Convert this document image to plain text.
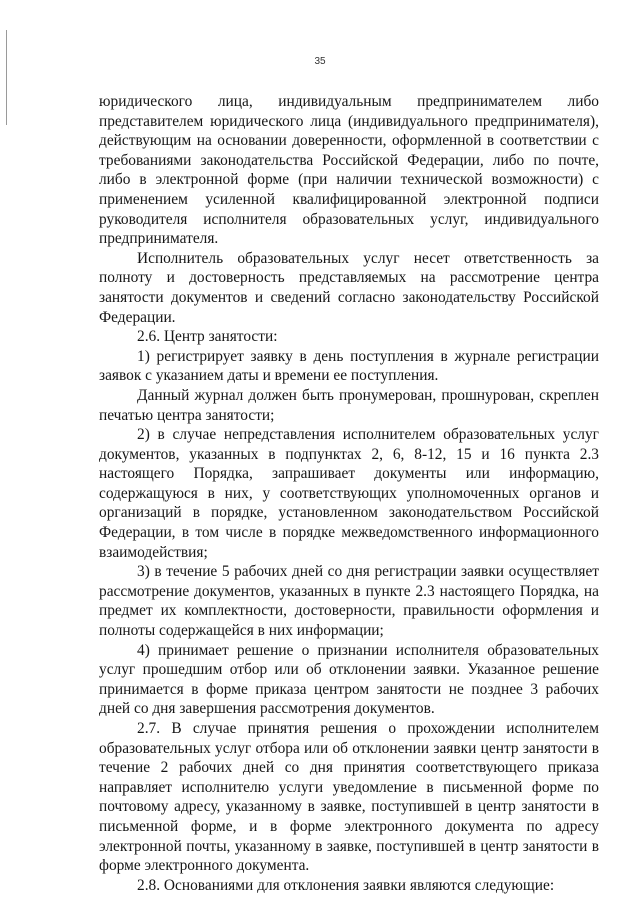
35

юридического лица, индивидуальным предпринимателем либо представителем юридического лица (индивидуального предпринимателя), действующим на основании доверенности, оформленной в соответствии с требованиями законодательства Российской Федерации, либо по почте, либо в электронной форме (при наличии технической возможности) с применением усиленной квалифицированной электронной подписи руководителя исполнителя образовательных услуг, индивидуального предпринимателя.

Исполнитель образовательных услуг несет ответственность за полноту и достоверность представляемых на рассмотрение центра занятости документов и сведений согласно законодательству Российской Федерации.

2.6. Центр занятости:

1) регистрирует заявку в день поступления в журнале регистрации заявок с указанием даты и времени ее поступления.

Данный журнал должен быть пронумерован, прошнурован, скреплен печатью центра занятости;

2) в случае непредставления исполнителем образовательных услуг документов, указанных в подпунктах 2, 6, 8-12, 15 и 16 пункта 2.3 настоящего Порядка, запрашивает документы или информацию, содержащуюся в них, у соответствующих уполномоченных органов и организаций в порядке, установленном законодательством Российской Федерации, в том числе в порядке межведомственного информационного взаимодействия;

3) в течение 5 рабочих дней со дня регистрации заявки осуществляет рассмотрение документов, указанных в пункте 2.3 настоящего Порядка, на предмет их комплектности, достоверности, правильности оформления и полноты содержащейся в них информации;

4) принимает решение о признании исполнителя образовательных услуг прошедшим отбор или об отклонении заявки. Указанное решение принимается в форме приказа центром занятости не позднее 3 рабочих дней со дня завершения рассмотрения документов.

2.7. В случае принятия решения о прохождении исполнителем образовательных услуг отбора или об отклонении заявки центр занятости в течение 2 рабочих дней со дня принятия соответствующего приказа направляет исполнителю услуги уведомление в письменной форме по почтовому адресу, указанному в заявке, поступившей в центр занятости в письменной форме, и в форме электронного документа по адресу электронной почты, указанному в заявке, поступившей в центр занятости в форме электронного документа.

2.8. Основаниями для отклонения заявки являются следующие:
